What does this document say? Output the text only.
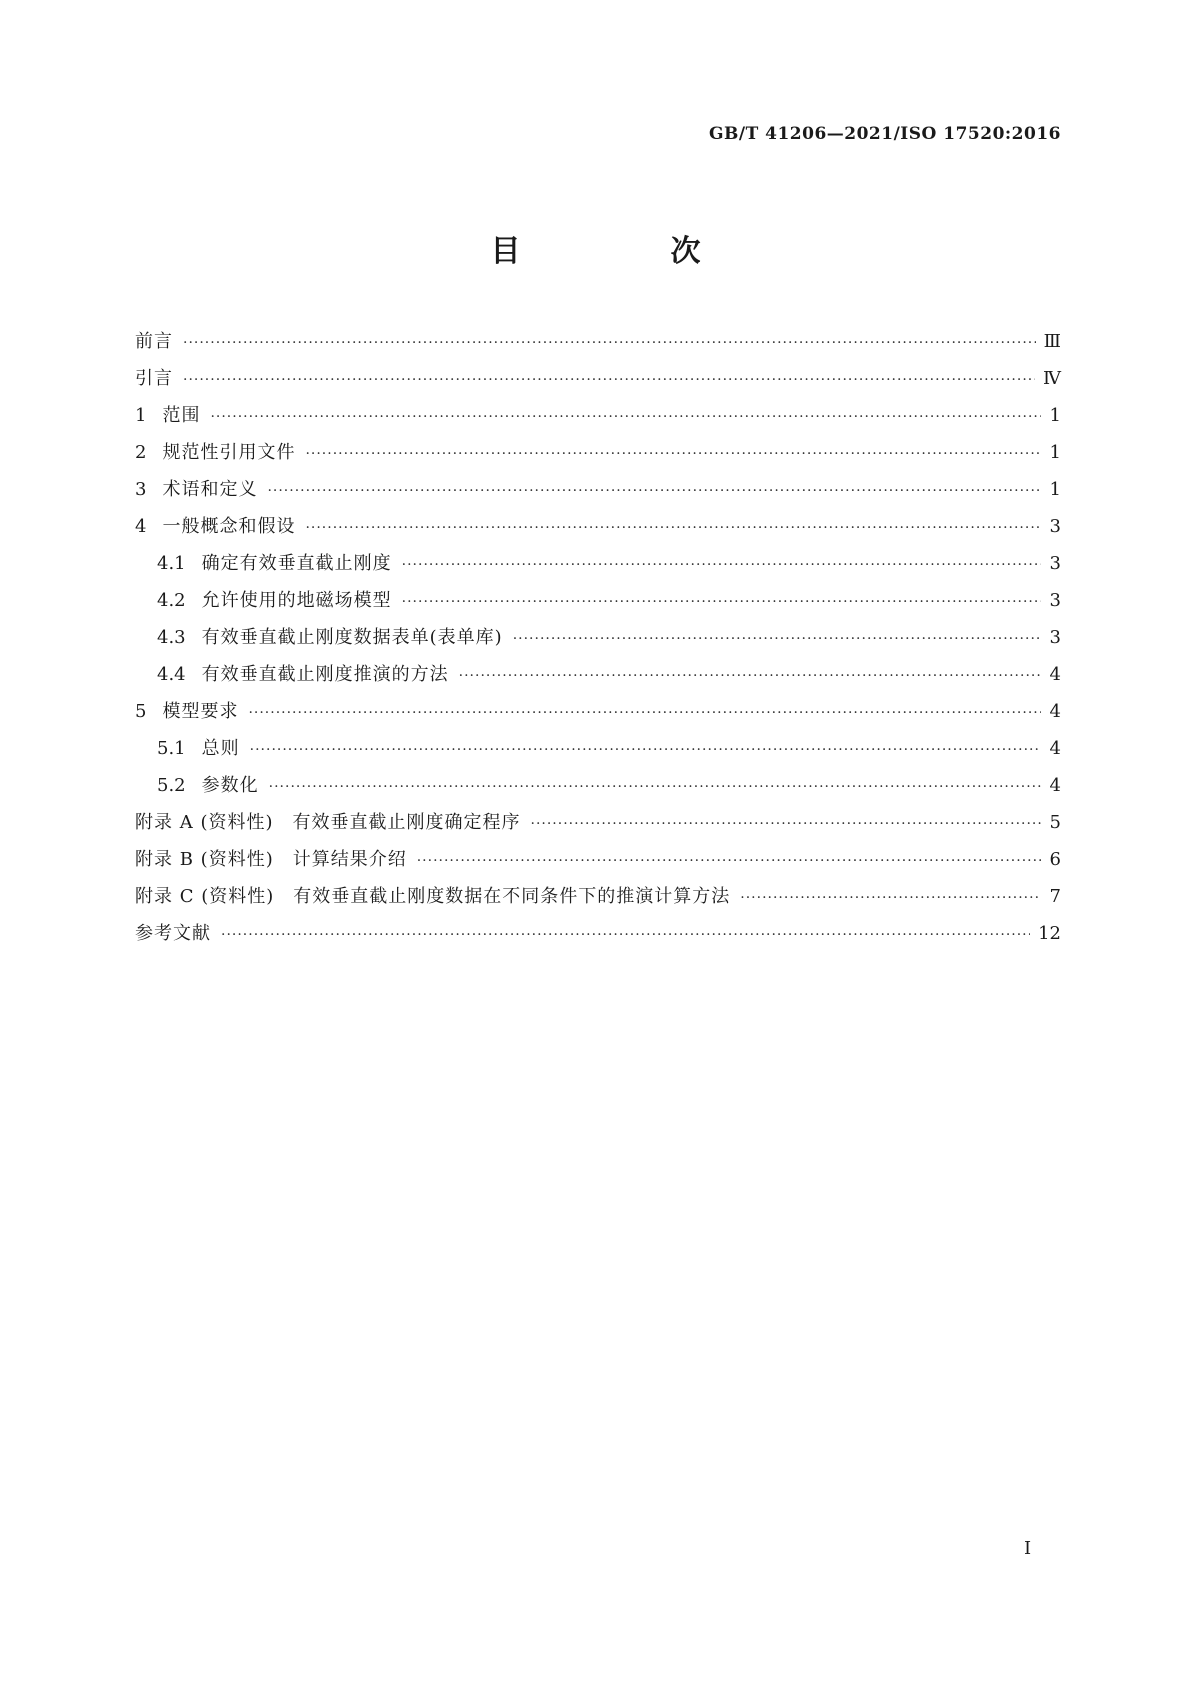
GB/T 41206—2021/ISO 17520:2016
目　次
前言 ·····	Ⅲ
引言 ·····	Ⅳ
1 范围 ·····	1
2 规范性引用文件 ·····	1
3 术语和定义 ·····	1
4 一般概念和假设 ·····	3
4.1 确定有效垂直截止刚度 ·····	3
4.2 允许使用的地磁场模型 ·····	3
4.3 有效垂直截止刚度数据表单(表单库) ·····	3
4.4 有效垂直截止刚度推演的方法 ·····	4
5 模型要求 ·····	4
5.1 总则 ·····	4
5.2 参数化 ·····	4
附录 A (资料性)　有效垂直截止刚度确定程序 ·····	5
附录 B (资料性)　计算结果介绍 ·····	6
附录 C (资料性)　有效垂直截止刚度数据在不同条件下的推演计算方法 ·····	7
参考文献 ·····	12
I
